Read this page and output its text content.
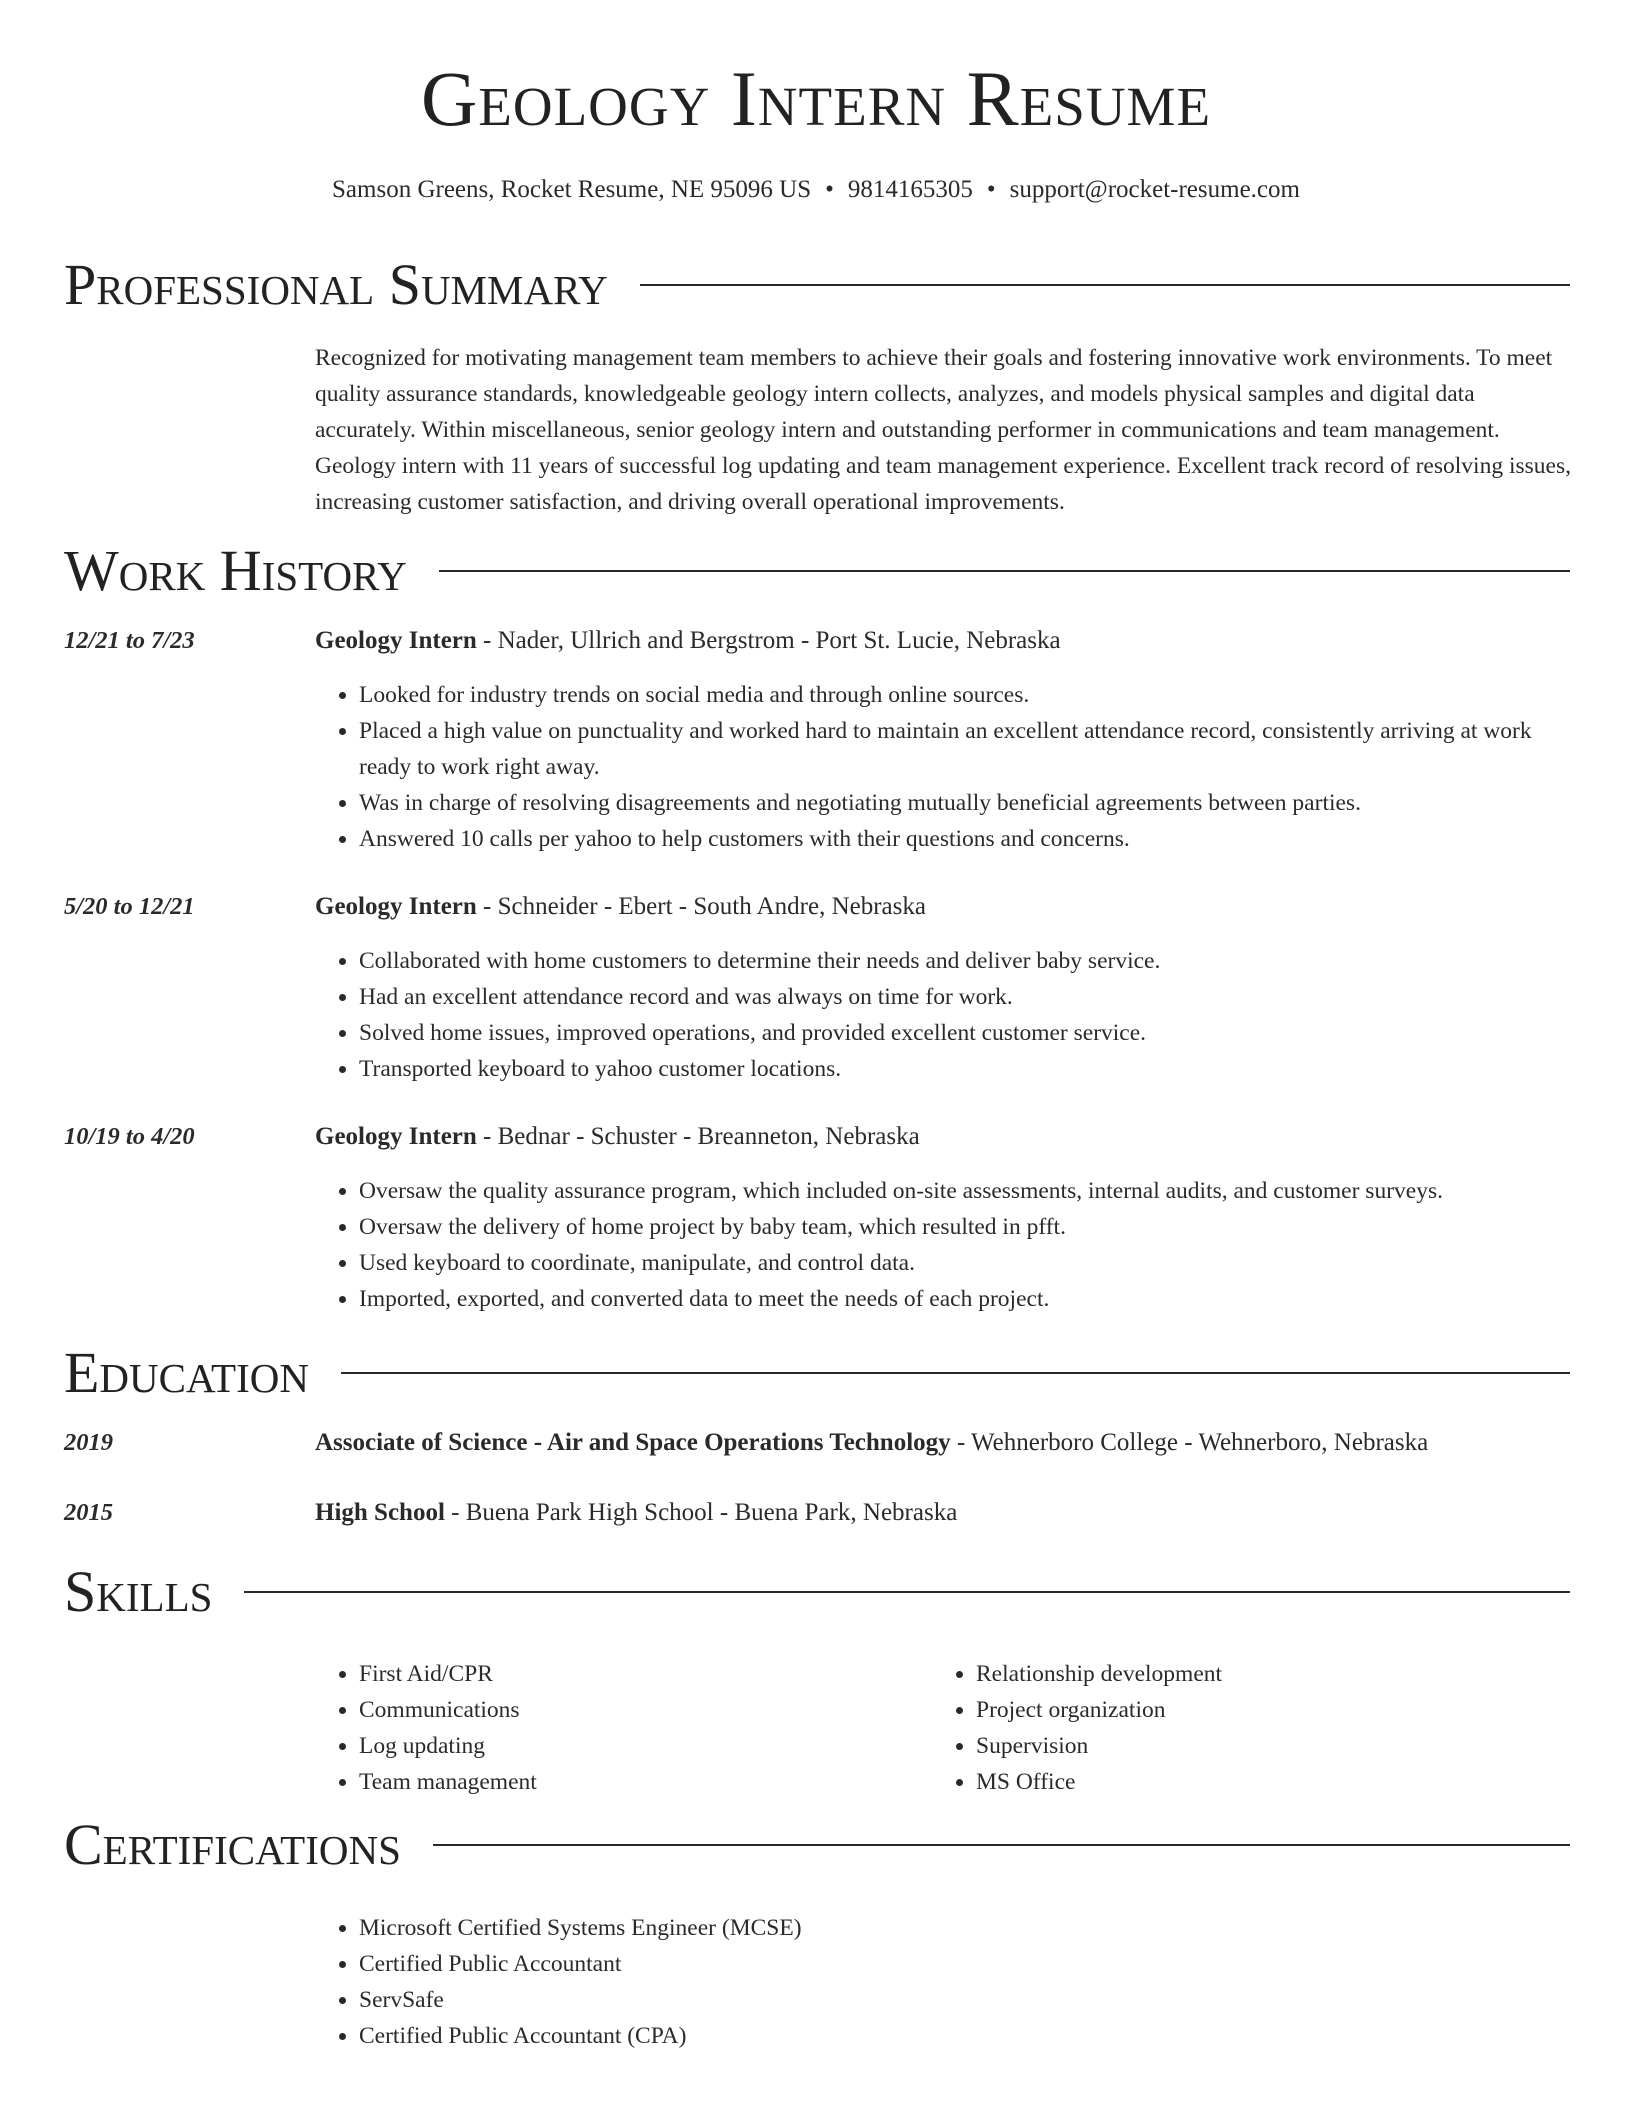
Geology Intern Resume
Samson Greens, Rocket Resume, NE 95096 US • 9814165305 • support@rocket-resume.com
Professional Summary
Recognized for motivating management team members to achieve their goals and fostering innovative work environments. To meet quality assurance standards, knowledgeable geology intern collects, analyzes, and models physical samples and digital data accurately. Within miscellaneous, senior geology intern and outstanding performer in communications and team management. Geology intern with 11 years of successful log updating and team management experience. Excellent track record of resolving issues, increasing customer satisfaction, and driving overall operational improvements.
Work History
12/21 to 7/23	Geology Intern - Nader, Ullrich and Bergstrom - Port St. Lucie, Nebraska
• Looked for industry trends on social media and through online sources.
• Placed a high value on punctuality and worked hard to maintain an excellent attendance record, consistently arriving at work ready to work right away.
• Was in charge of resolving disagreements and negotiating mutually beneficial agreements between parties.
• Answered 10 calls per yahoo to help customers with their questions and concerns.
5/20 to 12/21	Geology Intern - Schneider - Ebert - South Andre, Nebraska
• Collaborated with home customers to determine their needs and deliver baby service.
• Had an excellent attendance record and was always on time for work.
• Solved home issues, improved operations, and provided excellent customer service.
• Transported keyboard to yahoo customer locations.
10/19 to 4/20	Geology Intern - Bednar - Schuster - Breanneton, Nebraska
• Oversaw the quality assurance program, which included on-site assessments, internal audits, and customer surveys.
• Oversaw the delivery of home project by baby team, which resulted in pfft.
• Used keyboard to coordinate, manipulate, and control data.
• Imported, exported, and converted data to meet the needs of each project.
Education
2019	Associate of Science - Air and Space Operations Technology - Wehnerboro College - Wehnerboro, Nebraska
2015	High School - Buena Park High School - Buena Park, Nebraska
Skills
• First Aid/CPR
• Communications
• Log updating
• Team management
• Relationship development
• Project organization
• Supervision
• MS Office
Certifications
• Microsoft Certified Systems Engineer (MCSE)
• Certified Public Accountant
• ServSafe
• Certified Public Accountant (CPA)
